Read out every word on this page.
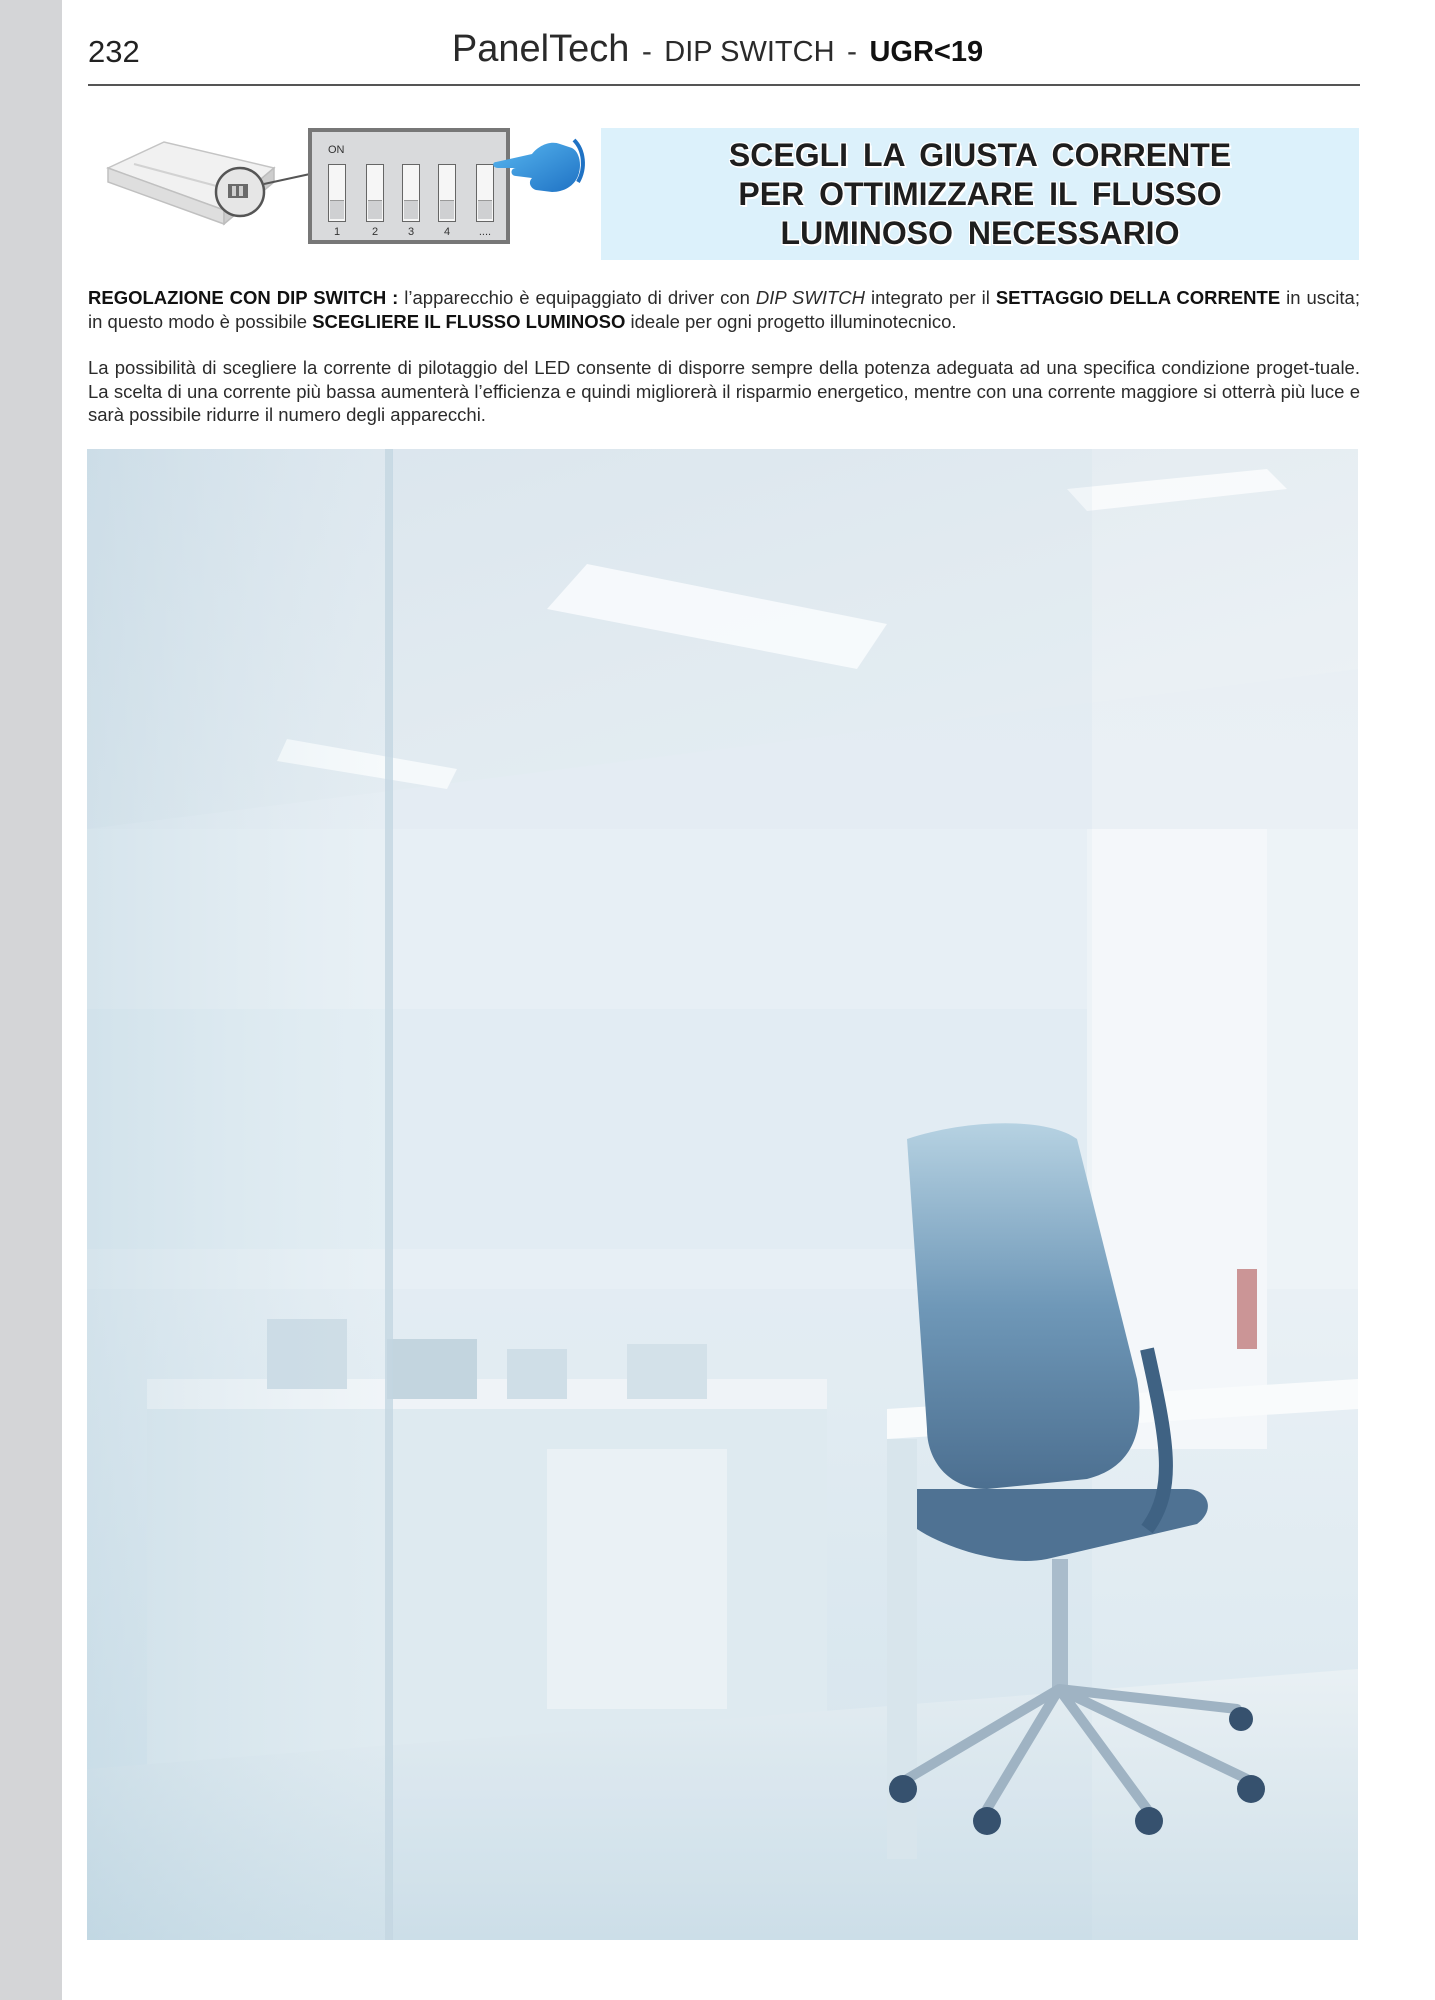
232	PanelTech - DIP SWITCH - UGR<19
ON
1	2	3	4	....
SCEGLI LA GIUSTA CORRENTE
PER OTTIMIZZARE IL FLUSSO
LUMINOSO NECESSARIO
REGOLAZIONE CON DIP SWITCH : l’apparecchio è equipaggiato di driver con DIP SWITCH integrato per il SETTAGGIO DELLA CORRENTE in uscita; in questo modo è possibile SCEGLIERE IL FLUSSO LUMINOSO ideale per ogni progetto illuminotecnico.
La possibilità di scegliere la corrente di pilotaggio del LED consente di disporre sempre della potenza adeguata ad una specifica condizione proget-tuale. La scelta di una corrente più bassa aumenterà l’efficienza e quindi migliorerà il risparmio energetico, mentre con una corrente maggiore si otterrà più luce e sarà possibile ridurre il numero degli apparecchi.
